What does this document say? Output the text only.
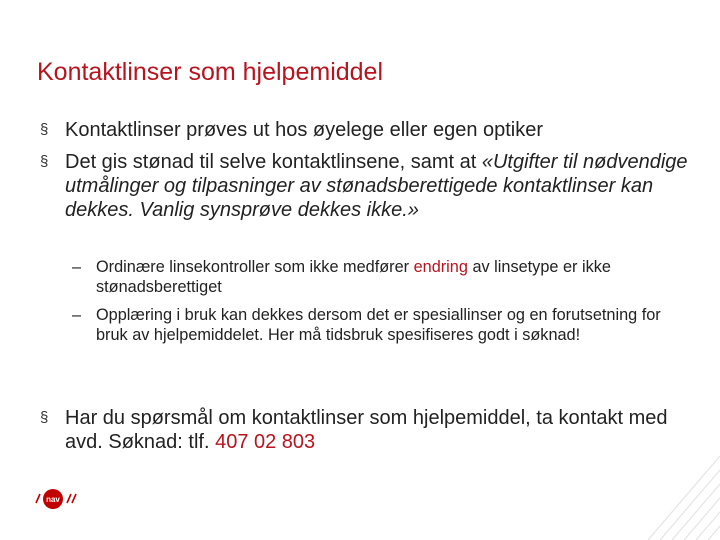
Kontaktlinser som hjelpemiddel
§ Kontaktlinser prøves ut hos øyelege eller egen optiker
§ Det gis stønad til selve kontaktlinsene, samt at «Utgifter til nødvendige utmålinger og tilpasninger av stønadsberettigede kontaktlinser kan dekkes. Vanlig synsprøve dekkes ikke.»
– Ordinære linsekontroller som ikke medfører endring av linsetype er ikke stønadsberettiget
– Opplæring i bruk kan dekkes dersom det er spesiallinser og en forutsetning for bruk av hjelpemiddelet. Her må tidsbruk spesifiseres godt i søknad!
§ Har du spørsmål om kontaktlinser som hjelpemiddel, ta kontakt med avd. Søknad: tlf. 407 02 803
nav
